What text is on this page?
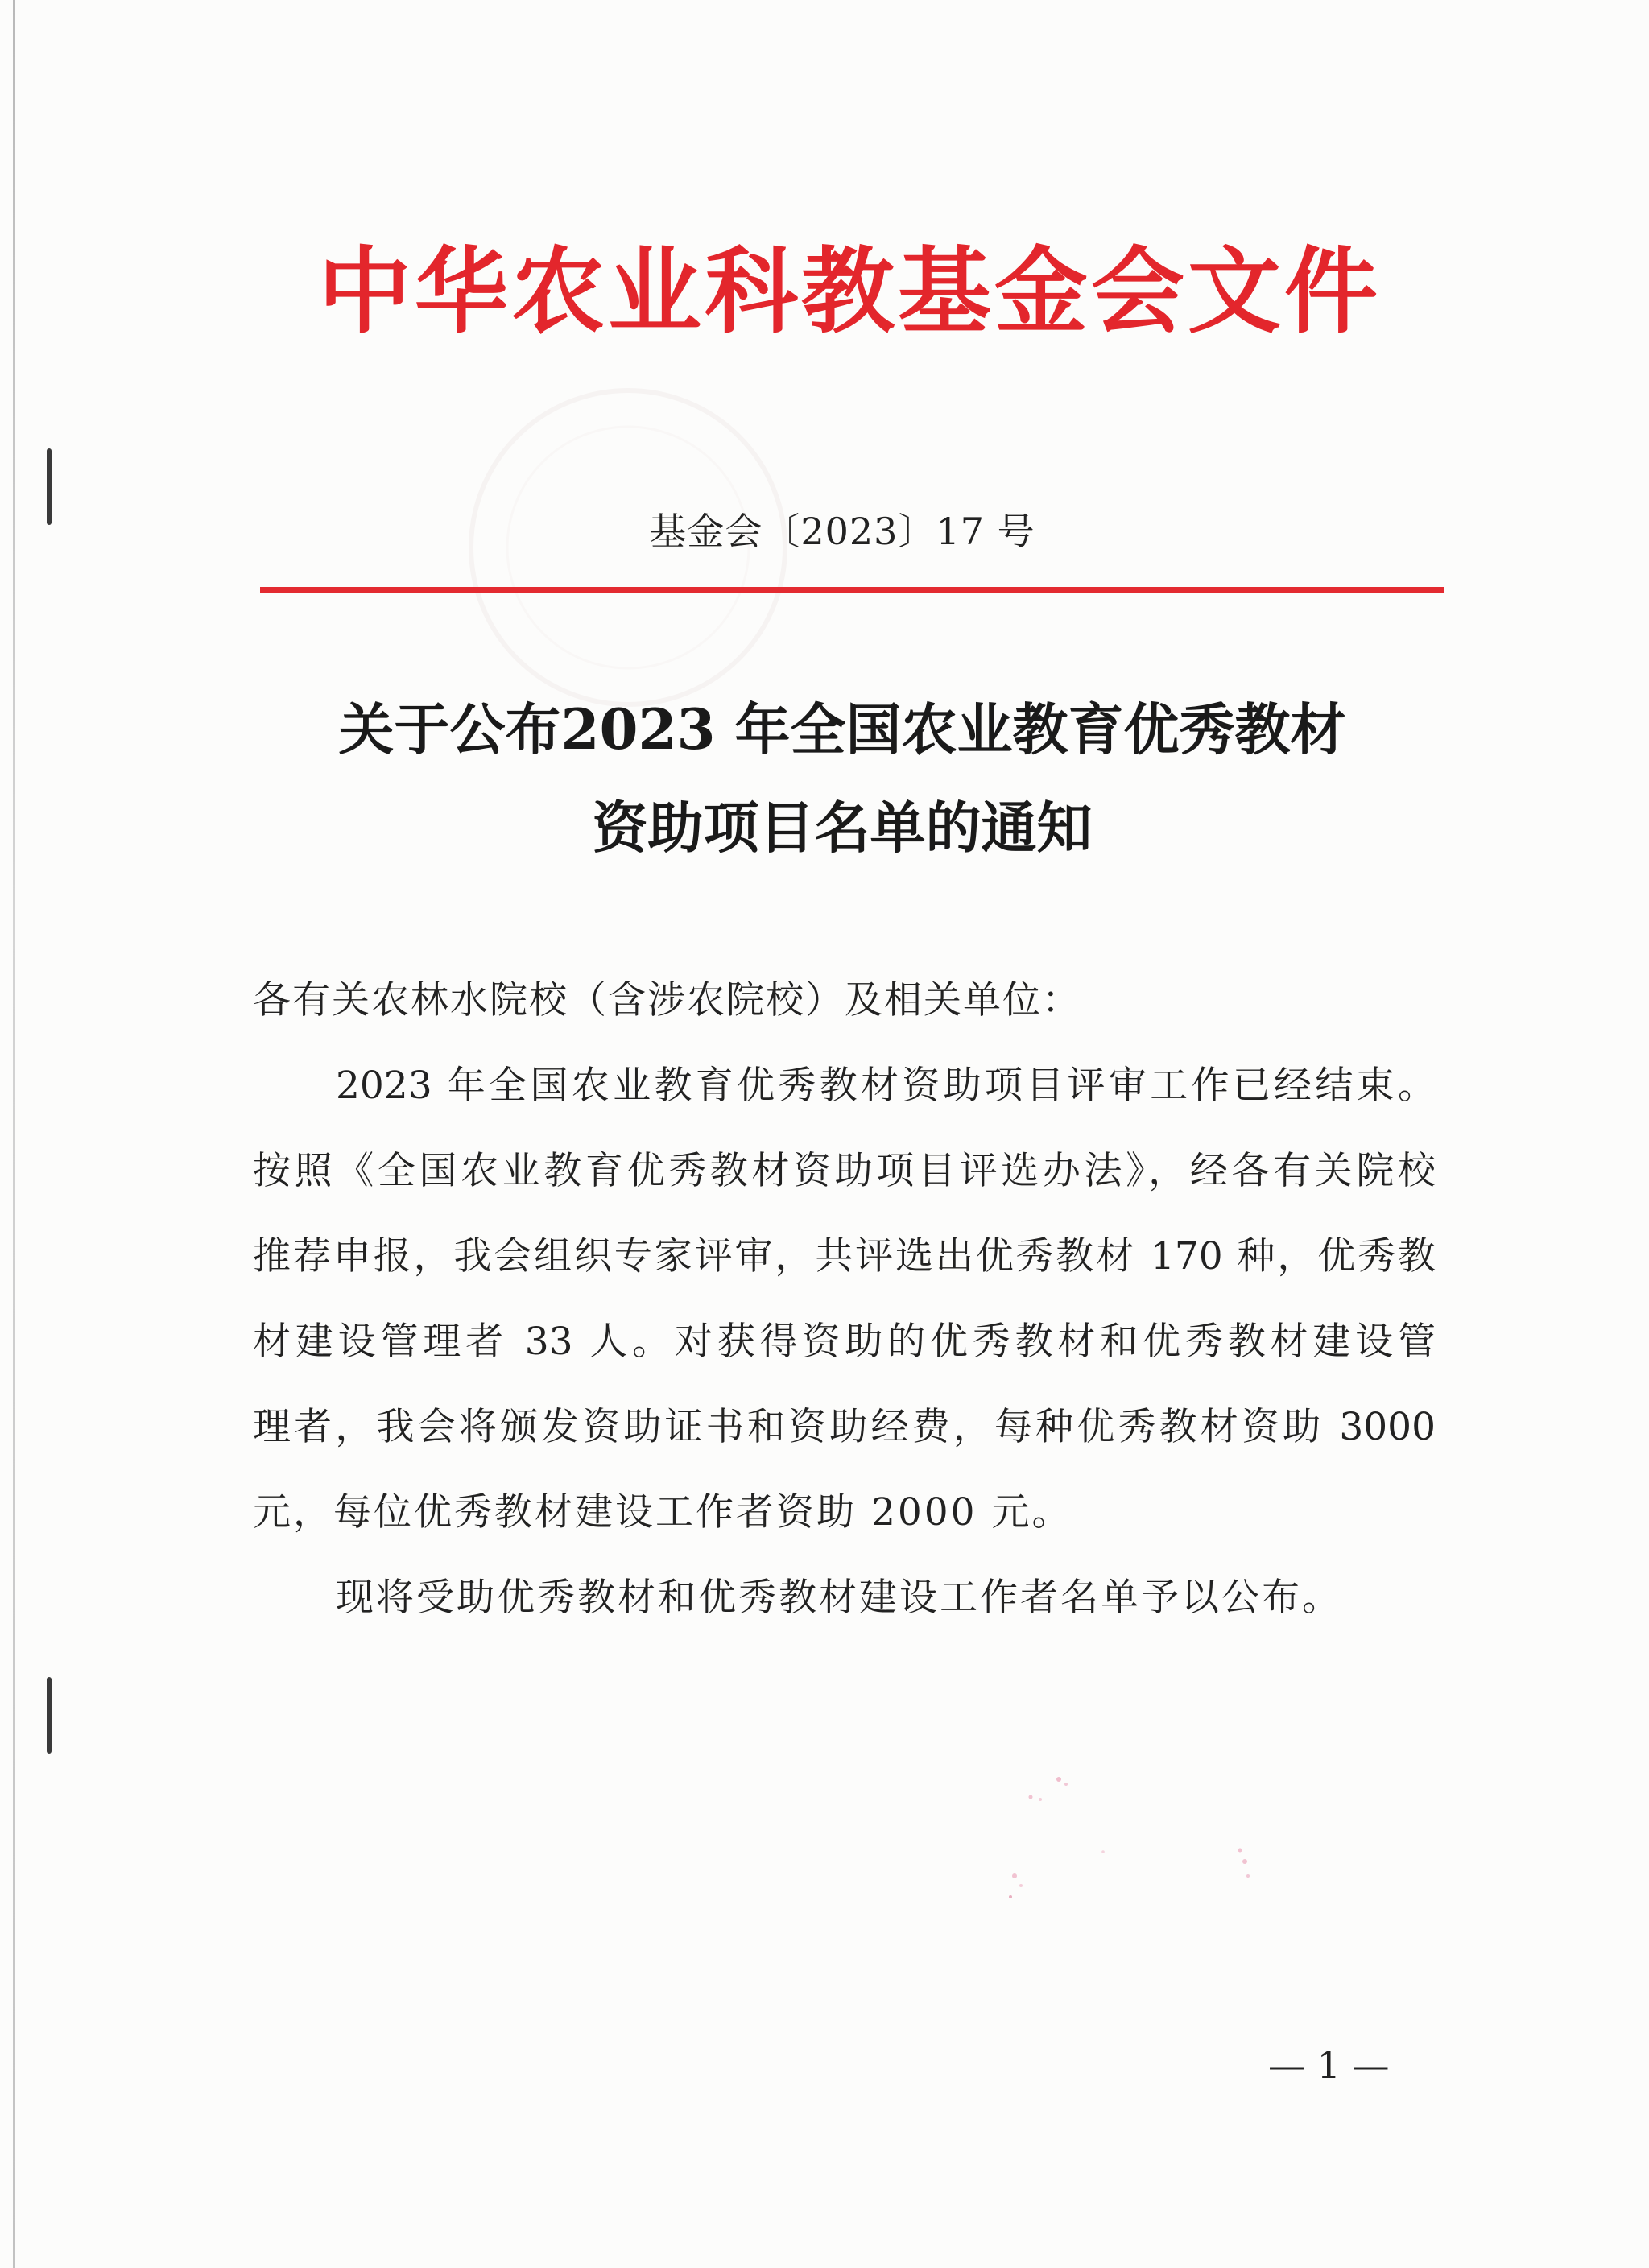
中华农业科教基金会文件
基金会〔2023〕17 号
关于公布2023 年全国农业教育优秀教材
资助项目名单的通知
各有关农林水院校（含涉农院校）及相关单位：
2023 年全国农业教育优秀教材资助项目评审工作已经结束。
按照《全国农业教育优秀教材资助项目评选办法》，经各有关院校
推荐申报，我会组织专家评审，共评选出优秀教材 170 种，优秀教
材建设管理者 33 人。对获得资助的优秀教材和优秀教材建设管
理者，我会将颁发资助证书和资助经费，每种优秀教材资助 3000
元，每位优秀教材建设工作者资助 2000 元。
现将受助优秀教材和优秀教材建设工作者名单予以公布。
— 1 —
